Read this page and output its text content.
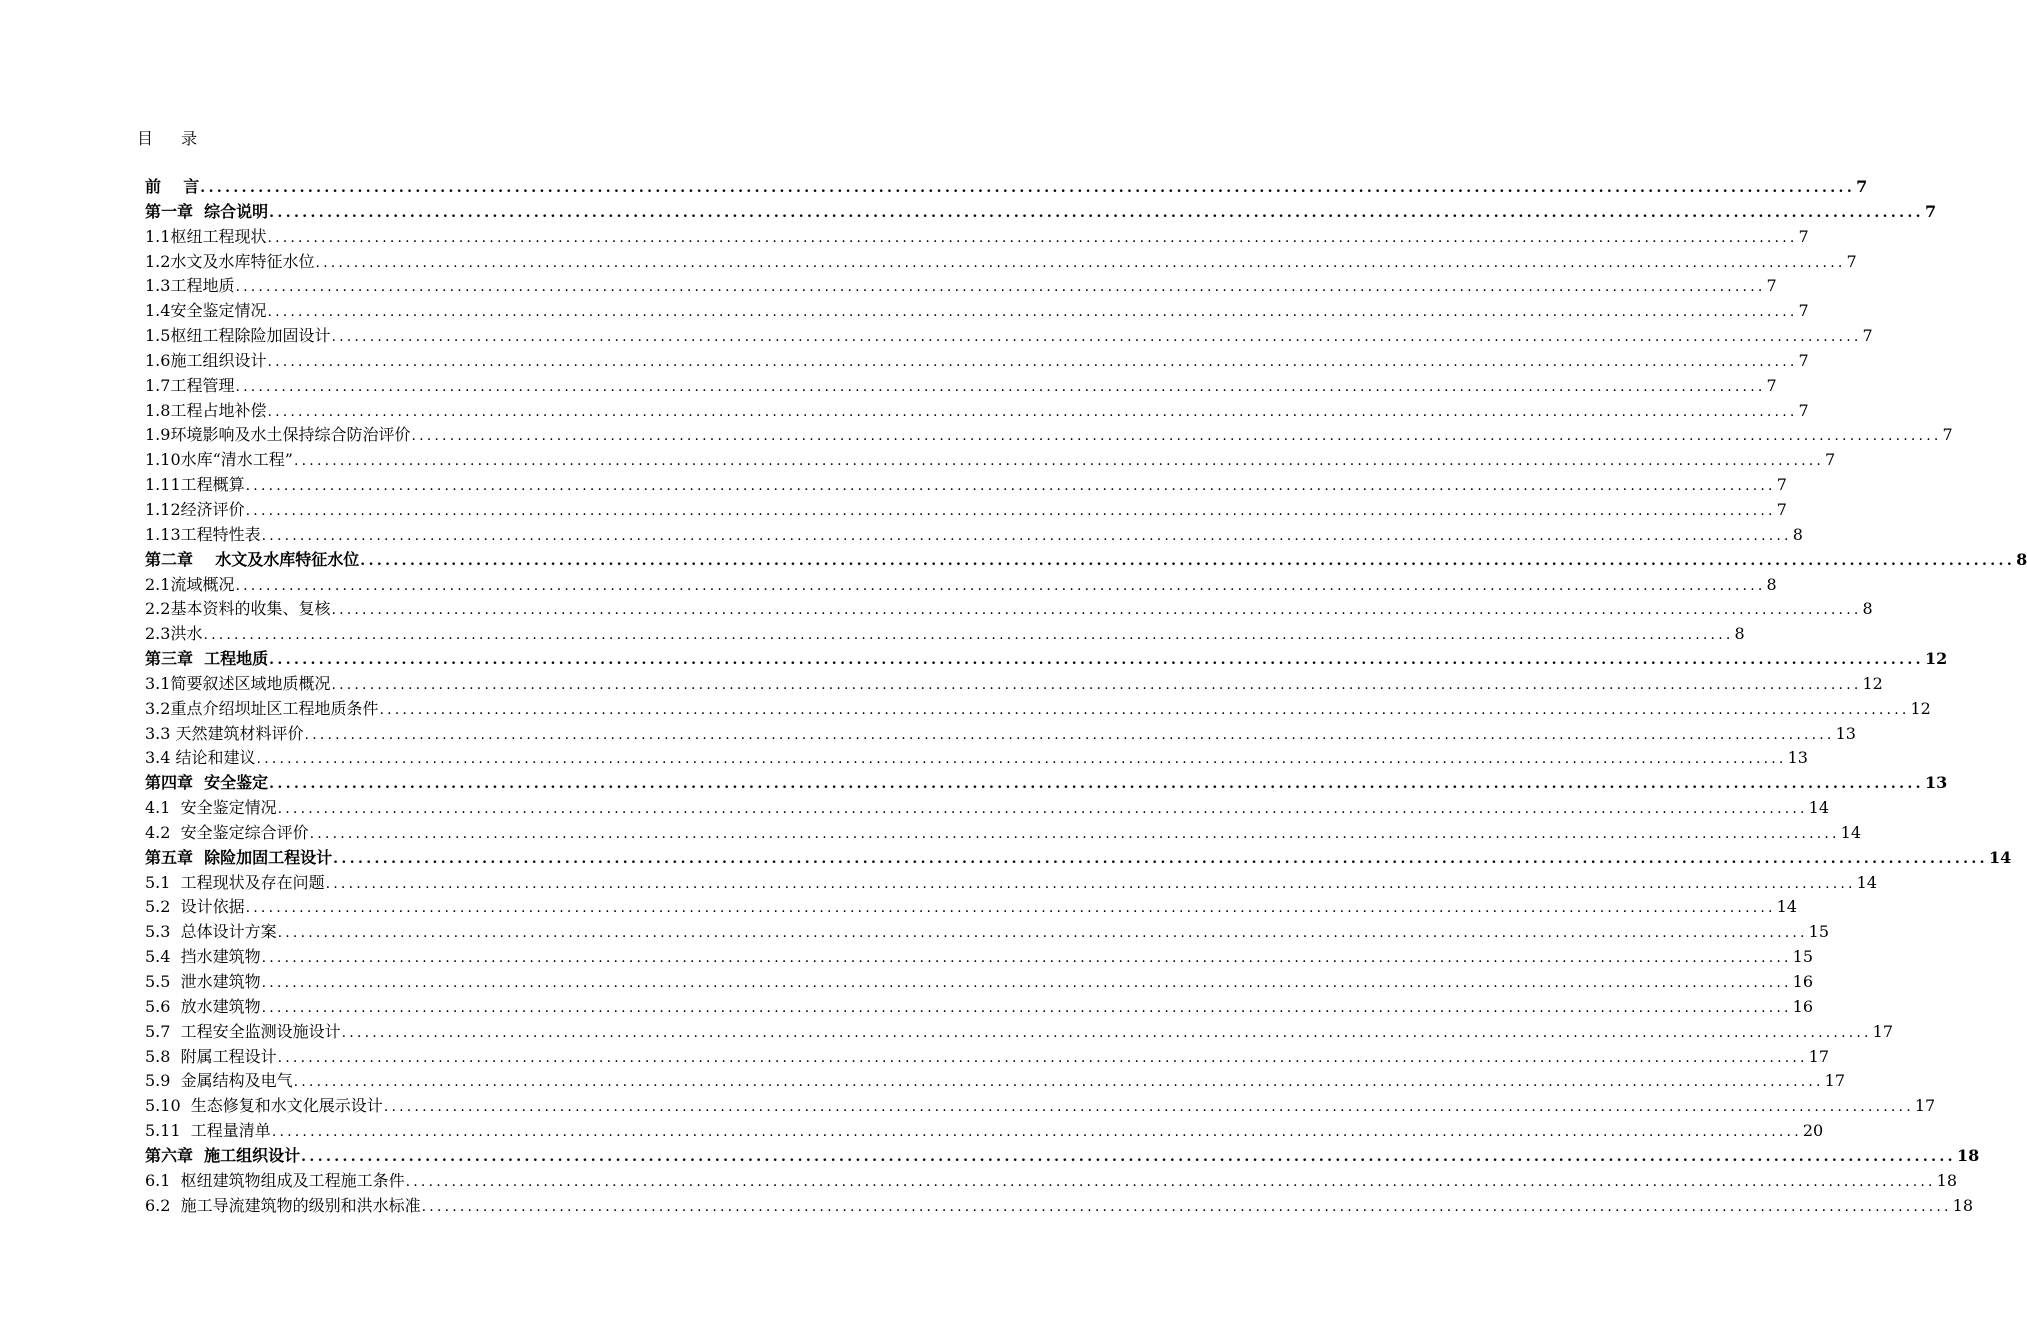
目  录
前    言 ........................................................................................................................................................................................................ 7
第一章  综合说明 ........................................................................................................................................................................................................ 7
1.1枢纽工程现状 ........................................................................................................................................................................................................ 7
1.2水文及水库特征水位 ........................................................................................................................................................................................................ 7
1.3工程地质 ........................................................................................................................................................................................................ 7
1.4安全鉴定情况 ........................................................................................................................................................................................................ 7
1.5枢纽工程除险加固设计 ........................................................................................................................................................................................................ 7
1.6施工组织设计 ........................................................................................................................................................................................................ 7
1.7工程管理 ........................................................................................................................................................................................................ 7
1.8工程占地补偿 ........................................................................................................................................................................................................ 7
1.9环境影响及水土保持综合防治评价 ........................................................................................................................................................................................................ 7
1.10水库“清水工程” ........................................................................................................................................................................................................ 7
1.11工程概算 ........................................................................................................................................................................................................ 7
1.12经济评价 ........................................................................................................................................................................................................ 7
1.13工程特性表 ........................................................................................................................................................................................................ 8
第二章    水文及水库特征水位 ........................................................................................................................................................................................................ 8
2.1流域概况 ........................................................................................................................................................................................................ 8
2.2基本资料的收集、复核 ........................................................................................................................................................................................................ 8
2.3洪水 ........................................................................................................................................................................................................ 8
第三章  工程地质 ........................................................................................................................................................................................................ 12
3.1简要叙述区域地质概况 ........................................................................................................................................................................................................ 12
3.2重点介绍坝址区工程地质条件 ........................................................................................................................................................................................................ 12
3.3 天然建筑材料评价 ........................................................................................................................................................................................................ 13
3.4 结论和建议 ........................................................................................................................................................................................................ 13
第四章  安全鉴定 ........................................................................................................................................................................................................ 13
4.1  安全鉴定情况 ........................................................................................................................................................................................................ 14
4.2  安全鉴定综合评价 ........................................................................................................................................................................................................ 14
第五章  除险加固工程设计 ........................................................................................................................................................................................................ 14
5.1  工程现状及存在问题 ........................................................................................................................................................................................................ 14
5.2  设计依据 ........................................................................................................................................................................................................ 14
5.3  总体设计方案 ........................................................................................................................................................................................................ 15
5.4  挡水建筑物 ........................................................................................................................................................................................................ 15
5.5  泄水建筑物 ........................................................................................................................................................................................................ 16
5.6  放水建筑物 ........................................................................................................................................................................................................ 16
5.7  工程安全监测设施设计 ........................................................................................................................................................................................................ 17
5.8  附属工程设计 ........................................................................................................................................................................................................ 17
5.9  金属结构及电气 ........................................................................................................................................................................................................ 17
5.10  生态修复和水文化展示设计 ........................................................................................................................................................................................................ 17
5.11  工程量清单 ........................................................................................................................................................................................................ 20
第六章  施工组织设计 ........................................................................................................................................................................................................ 18
6.1  枢纽建筑物组成及工程施工条件 ........................................................................................................................................................................................................ 18
6.2  施工导流建筑物的级别和洪水标准 ........................................................................................................................................................................................................ 18
